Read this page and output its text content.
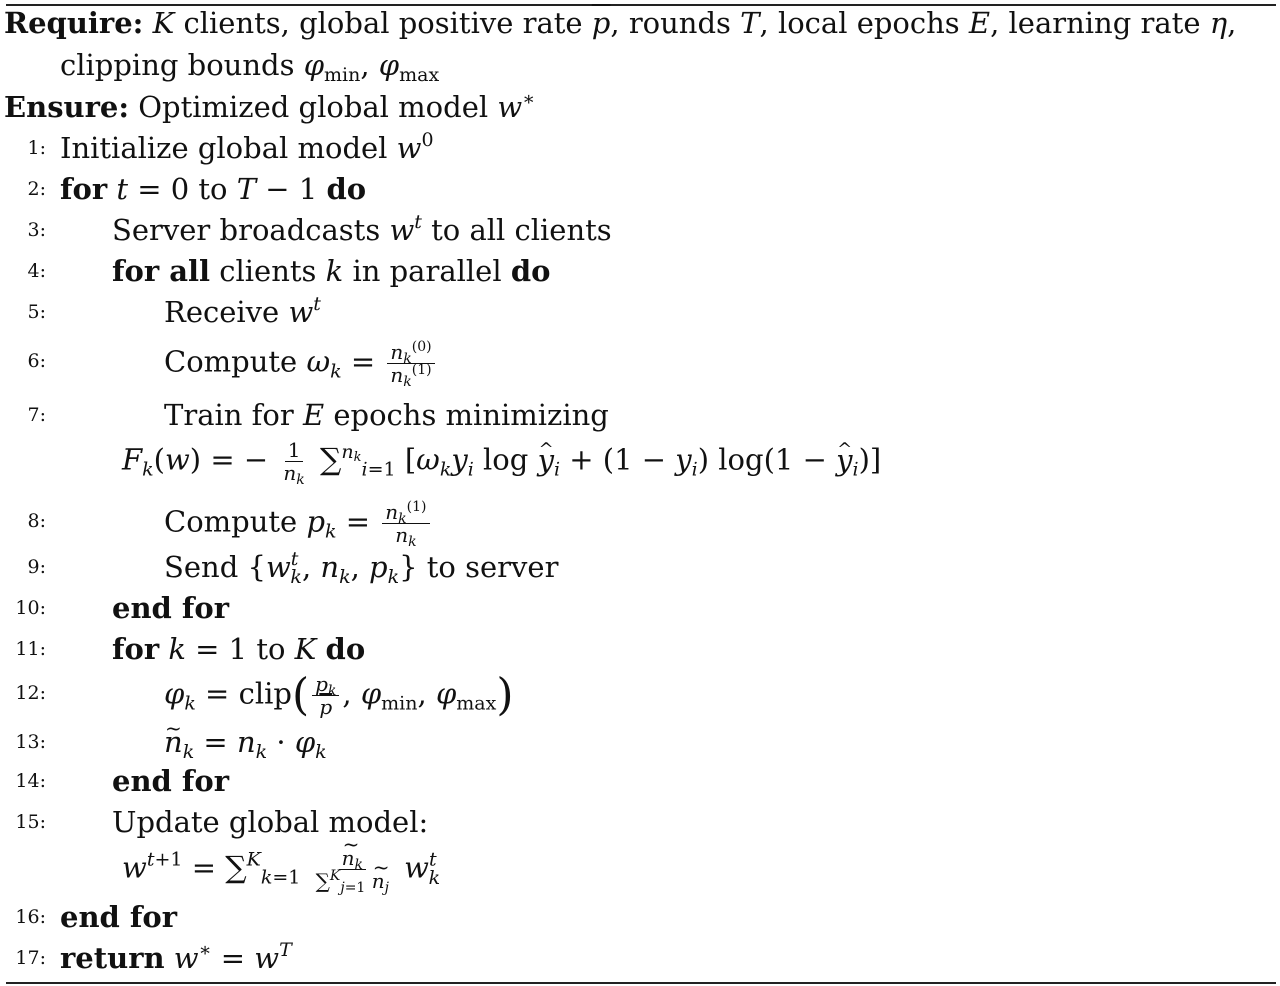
Require: K clients, global positive rate $\overline{p}$, rounds T, local epochs E, learning rate η,
clipping bounds $\varphi_{min}$, $\varphi_{max}$
Ensure: Optimized global model w∗
1: Initialize global model $w^0$
2: for t = 0 to T − 1 do
3: Server broadcasts $w^t$ to all clients
4: for all clients k in parallel do
5:	Receive $w^t$
6:	Compute $\omega_k = \frac{n_k^{(0)}}{n_k^{(1)}}$
7:	Train for E epochs minimizing
$F_k(w)$ = − $\frac{1}{n_k} \sum^{n_k}_{i=1}$ [$\omega_ky_i$ log ^ $y_i + (1 - y_i) \log(1$ − ^ $y_i$)]
8:	Compute $p_k = \frac{n_k^{(1)}}{n_k}$
9:	Send {$w^t_k$, $n_k$, $p_k$} to server
10: end for
11: for k = 1 to K do
12:	$\varphi_k$ = clip( $\frac{p_k}{p}$ , $\varphi_{min}$, $\varphi_{max}$)
13:	~ $n_k = n_k \cdot \varphi_k$
14: end for
15: Update global model:
$w^{t+1} = \sum^K_{k=1}$ ~ $\frac{n_k}{\sum^K_{j=1} \sim n_j} w^t_k$
16: end for
17: return $w^∗ = w^T$
